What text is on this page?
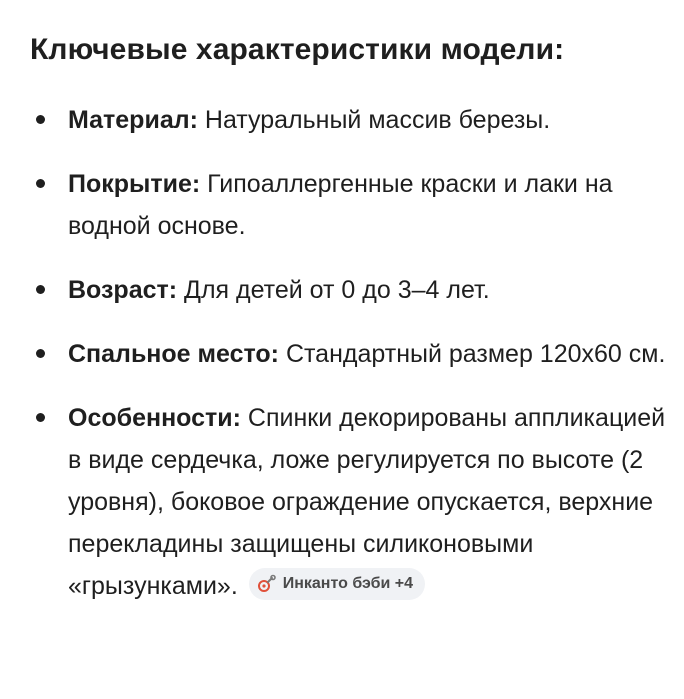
Ключевые характеристики модели:
Материал: Натуральный массив березы.
Покрытие: Гипоаллергенные краски и лаки на водной основе.
Возраст: Для детей от 0 до 3–4 лет.
Спальное место: Стандартный размер 120х60 см.
Особенности: Спинки декорированы аппликацией в виде сердечка, ложе регулируется по высоте (2 уровня), боковое ограждение опускается, верхние перекладины защищены силиконовыми «грызунками».	Инканто бэби +4
